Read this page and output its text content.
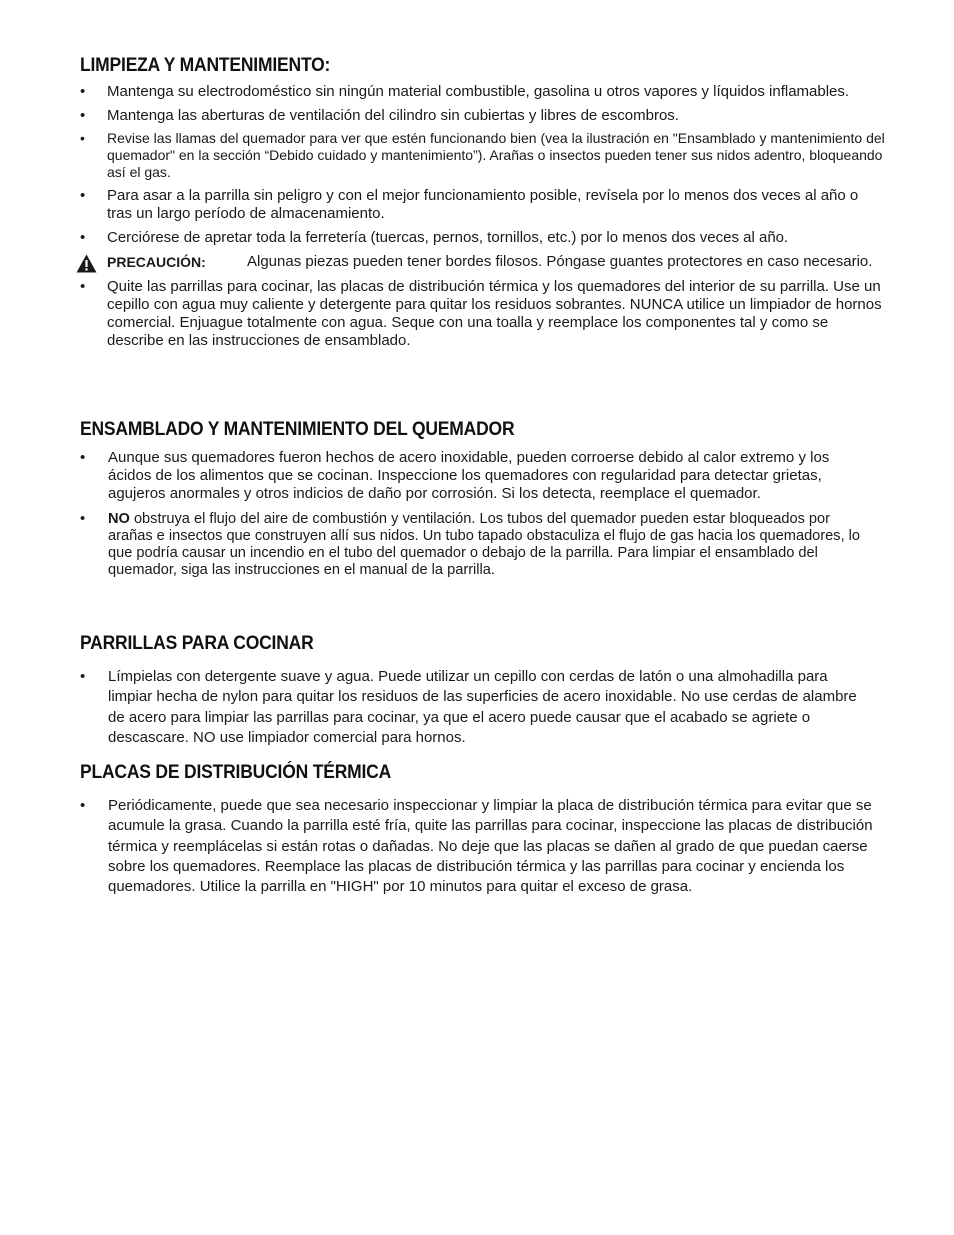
LIMPIEZA Y MANTENIMIENTO:
• Mantenga su electrodoméstico sin ningún material combustible, gasolina u otros vapores y líquidos inflamables.
• Mantenga las aberturas de ventilación del cilindro sin cubiertas y libres de escombros.
• Revise las llamas del quemador para ver que estén funcionando bien (vea la ilustración en "Ensamblado y mantenimiento del quemador" en la sección “Debido cuidado y mantenimiento”). Arañas o insectos pueden tener sus nidos adentro, bloqueando así el gas.
• Para asar a la parrilla sin peligro y con el mejor funcionamiento posible, revísela por lo menos dos veces al año o tras un largo período de almacenamiento.
• Cerciórese de apretar toda la ferretería (tuercas, pernos, tornillos, etc.) por lo menos dos veces al año.
PRECAUCIÓN:	Algunas piezas pueden tener bordes filosos. Póngase guantes protectores en caso necesario.
• Quite las parrillas para cocinar, las placas de distribución térmica y los quemadores del interior de su parrilla. Use un cepillo con agua muy caliente y detergente para quitar los residuos sobrantes. NUNCA utilice un limpiador de hornos comercial. Enjuague totalmente con agua. Seque con una toalla y reemplace los componentes tal y como se describe en las instrucciones de ensamblado.
ENSAMBLADO Y MANTENIMIENTO DEL QUEMADOR
• Aunque sus quemadores fueron hechos de acero inoxidable, pueden corroerse debido al calor extremo y los ácidos de los alimentos que se cocinan. Inspeccione los quemadores con regularidad para detectar grietas, agujeros anormales y otros indicios de daño por corrosión. Si los detecta, reemplace el quemador.
• NO obstruya el flujo del aire de combustión y ventilación. Los tubos del quemador pueden estar bloqueados por arañas e insectos que construyen allí sus nidos. Un tubo tapado obstaculiza el flujo de gas hacia los quemadores, lo que podría causar un incendio en el tubo del quemador o debajo de la parrilla. Para limpiar el ensamblado del quemador, siga las instrucciones en el manual de la parrilla.
PARRILLAS PARA COCINAR
• Límpielas con detergente suave y agua. Puede utilizar un cepillo con cerdas de latón o una almohadilla para limpiar hecha de nylon para quitar los residuos de las superficies de acero inoxidable. No use cerdas de alambre de acero para limpiar las parrillas para cocinar, ya que el acero puede causar que el acabado se agriete o descascare. NO use limpiador comercial para hornos.
PLACAS DE DISTRIBUCIÓN TÉRMICA
• Periódicamente, puede que sea necesario inspeccionar y limpiar la placa de distribución térmica para evitar que se acumule la grasa. Cuando la parrilla esté fría, quite las parrillas para cocinar, inspeccione las placas de distribución térmica y reemplácelas si están rotas o dañadas. No deje que las placas se dañen al grado de que puedan caerse sobre los quemadores. Reemplace las placas de distribución térmica y las parrillas para cocinar y encienda los quemadores. Utilice la parrilla en "HIGH" por 10 minutos para quitar el exceso de grasa.
